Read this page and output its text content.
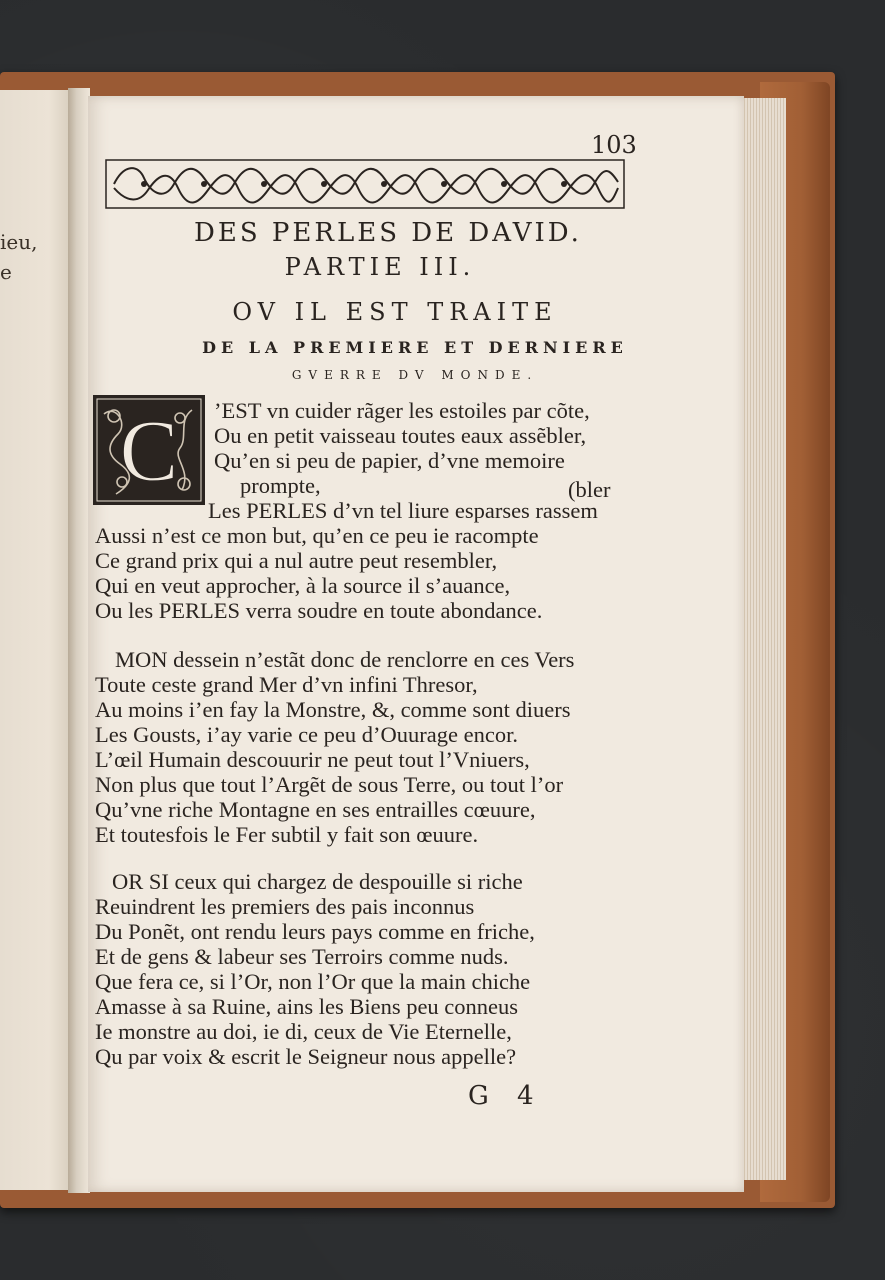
ieu,
e
103
DES PERLES DE DAVID.
PARTIE III.
OV IL EST TRAITE
DE LA PREMIERE ET DERNIERE
GVERRE DV MONDE.
C ’EST vn cuider rãger les estoiles par cõte,
Ou en petit vaisseau toutes eaux assẽbler,
Qu’en si peu de papier, d’vne memoire
prompte,	(bler
Les PERLES d’vn tel liure esparses rassem
Aussi n’est ce mon but, qu’en ce peu ie racompte
Ce grand prix qui a nul autre peut resembler,
Qui en veut approcher, à la source il s’auance,
Ou les PERLES verra soudre en toute abondance.
MON dessein n’estãt donc de renclorre en ces Vers
Toute ceste grand Mer d’vn infini Thresor,
Au moins i’en fay la Monstre, &, comme sont diuers
Les Gousts, i’ay varie ce peu d’Ouurage encor.
L’œil Humain descouurir ne peut tout l’Vniuers,
Non plus que tout l’Argẽt de sous Terre, ou tout l’or
Qu’vne riche Montagne en ses entrailles cœuure,
Et toutesfois le Fer subtil y fait son œuure.
OR SI ceux qui chargez de despouille si riche
Reuindrent les premiers des pais inconnus
Du Ponẽt, ont rendu leurs pays comme en friche,
Et de gens & labeur ses Terroirs comme nuds.
Que fera ce, si l’Or, non l’Or que la main chiche
Amasse à sa Ruine, ains les Biens peu conneus
Ie monstre au doi, ie di, ceux de Vie Eternelle,
Qu par voix & escrit le Seigneur nous appelle?
G 4
